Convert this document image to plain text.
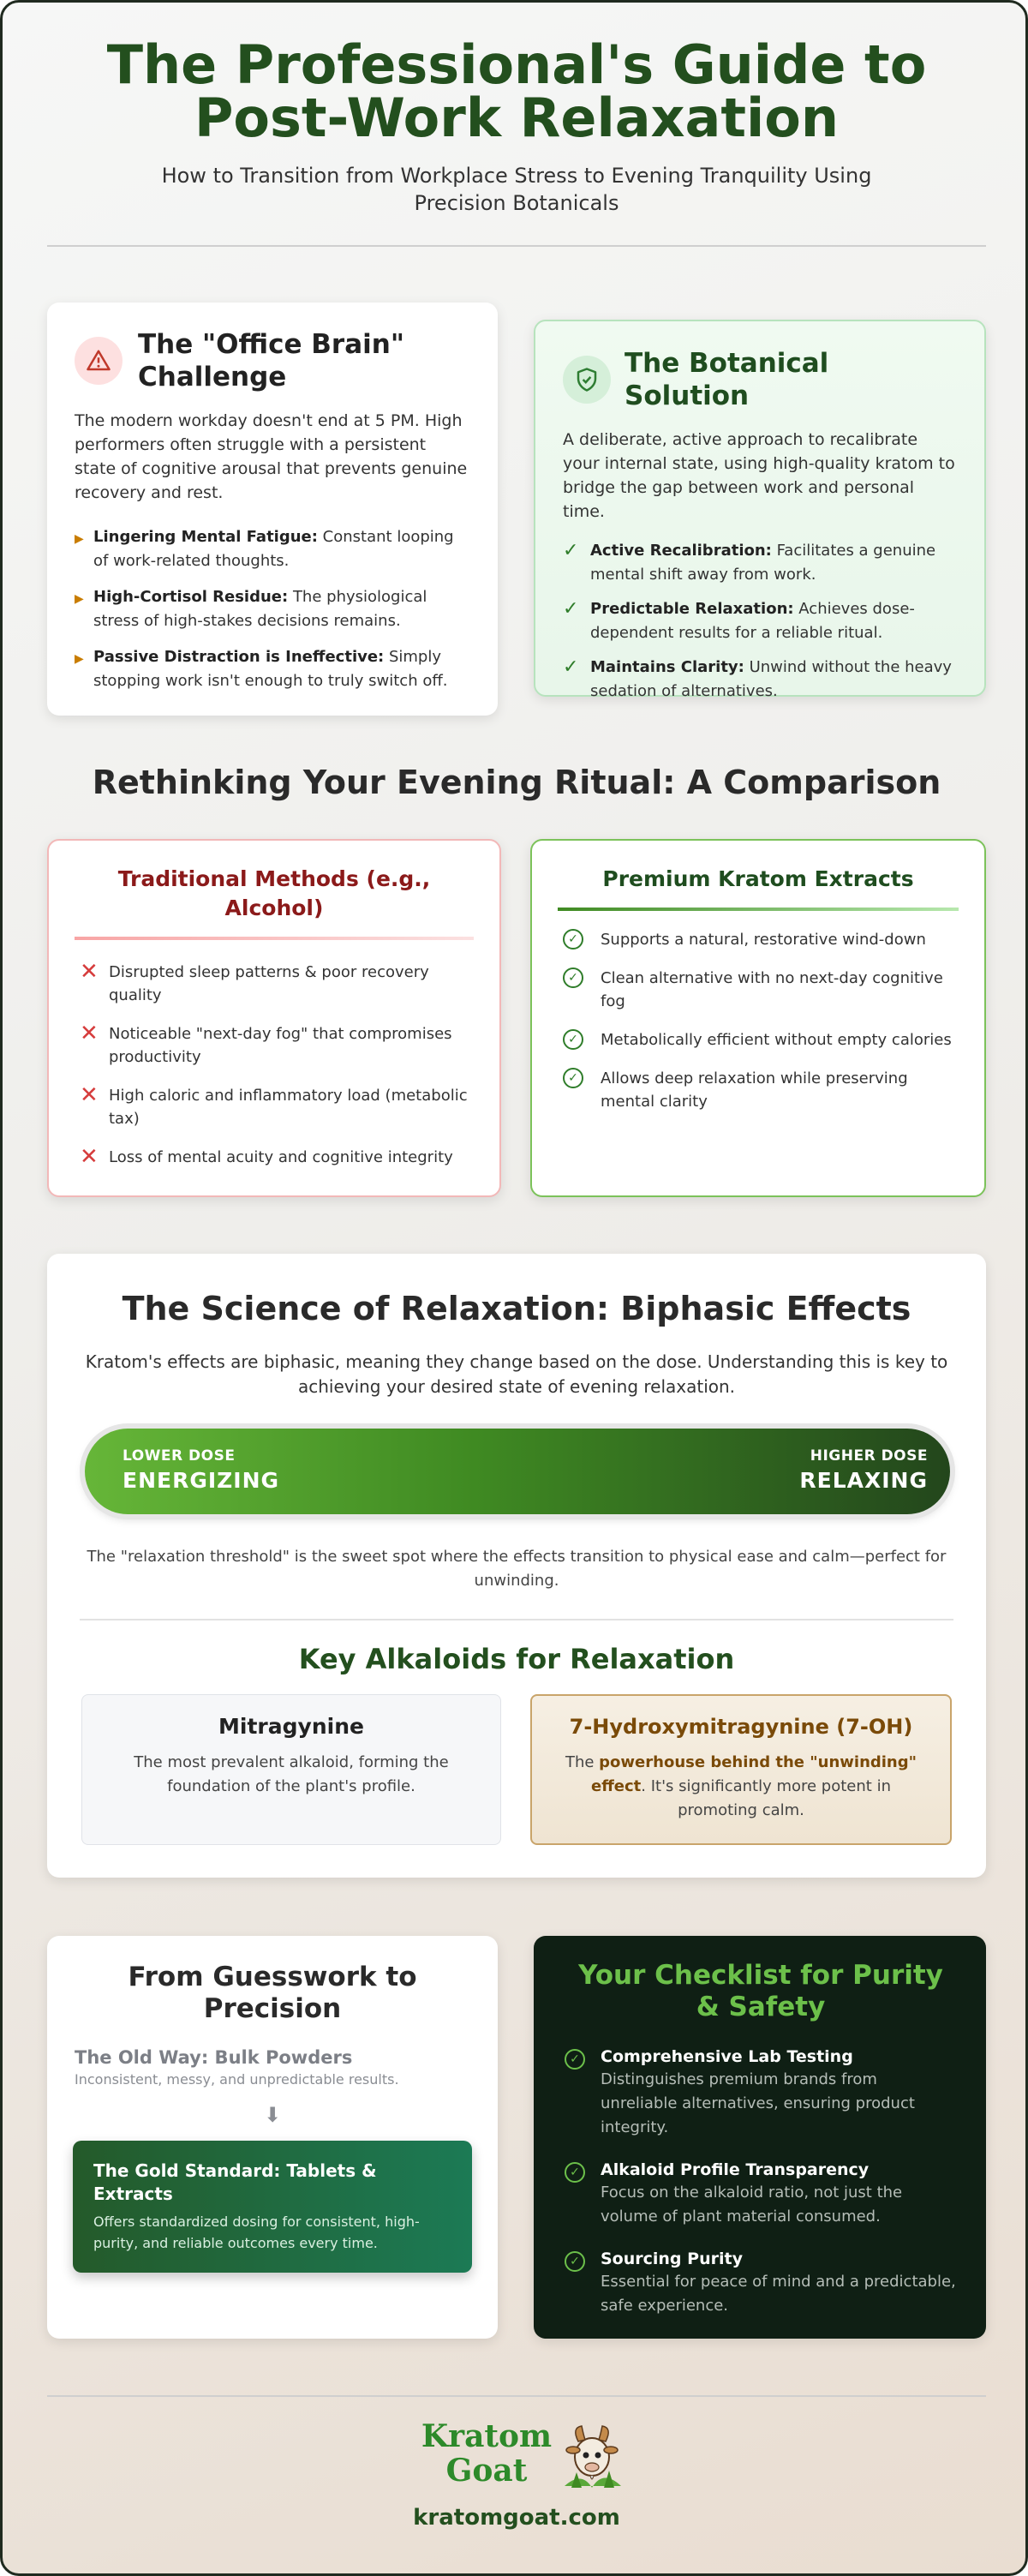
The Professional's Guide to Post-Work Relaxation

How to Transition from Workplace Stress to Evening Tranquility Using Precision Botanicals

The "Office Brain" Challenge

The modern workday doesn't end at 5 PM. High performers often struggle with a persistent state of cognitive arousal that prevents genuine recovery and rest.

▶ Lingering Mental Fatigue: Constant looping of work-related thoughts.
▶ High-Cortisol Residue: The physiological stress of high-stakes decisions remains.
▶ Passive Distraction is Ineffective: Simply stopping work isn't enough to truly switch off.
The Botanical Solution

A deliberate, active approach to recalibrate your internal state, using high-quality kratom to bridge the gap between work and personal time.

✓ Active Recalibration: Facilitates a genuine mental shift away from work.
✓ Predictable Relaxation: Achieves dose-dependent results for a reliable ritual.
✓ Maintains Clarity: Unwind without the heavy sedation of alternatives.
Rethinking Your Evening Ritual: A Comparison
Traditional Methods (e.g., Alcohol)
✕ Disrupted sleep patterns & poor recovery quality
✕ Noticeable "next-day fog" that compromises productivity
✕ High caloric and inflammatory load (metabolic tax)
✕ Loss of mental acuity and cognitive integrity
Premium Kratom Extracts
✓	Supports a natural, restorative wind-down
✓	Clean alternative with no next-day cognitive fog
✓	Metabolically efficient without empty calories
✓	Allows deep relaxation while preserving mental clarity
The Science of Relaxation: Biphasic Effects

Kratom's effects are biphasic, meaning they change based on the dose. Understanding this is key to achieving your desired state of evening relaxation.

LOWER DOSE
ENERGIZING
HIGHER DOSE
RELAXING

The "relaxation threshold" is the sweet spot where the effects transition to physical ease and calm—perfect for unwinding.

Key Alkaloids for Relaxation
Mitragynine
The most prevalent alkaloid, forming the foundation of the plant's profile.
7-Hydroxymitragynine (7-OH)
The powerhouse behind the "unwinding" effect. It's significantly more potent in promoting calm.
From Guesswork to Precision
The Old Way: Bulk Powders
Inconsistent, messy, and unpredictable results.
⬇
The Gold Standard: Tablets & Extracts
Offers standardized dosing for consistent, high-purity, and reliable outcomes every time.
Your Checklist for Purity & Safety
✓	Comprehensive Lab Testing
Distinguishes premium brands from unreliable alternatives, ensuring product integrity.
✓	Alkaloid Profile Transparency
Focus on the alkaloid ratio, not just the volume of plant material consumed.
✓	Sourcing Purity
Essential for peace of mind and a predictable, safe experience.
Kratom
Goat
kratomgoat.com
